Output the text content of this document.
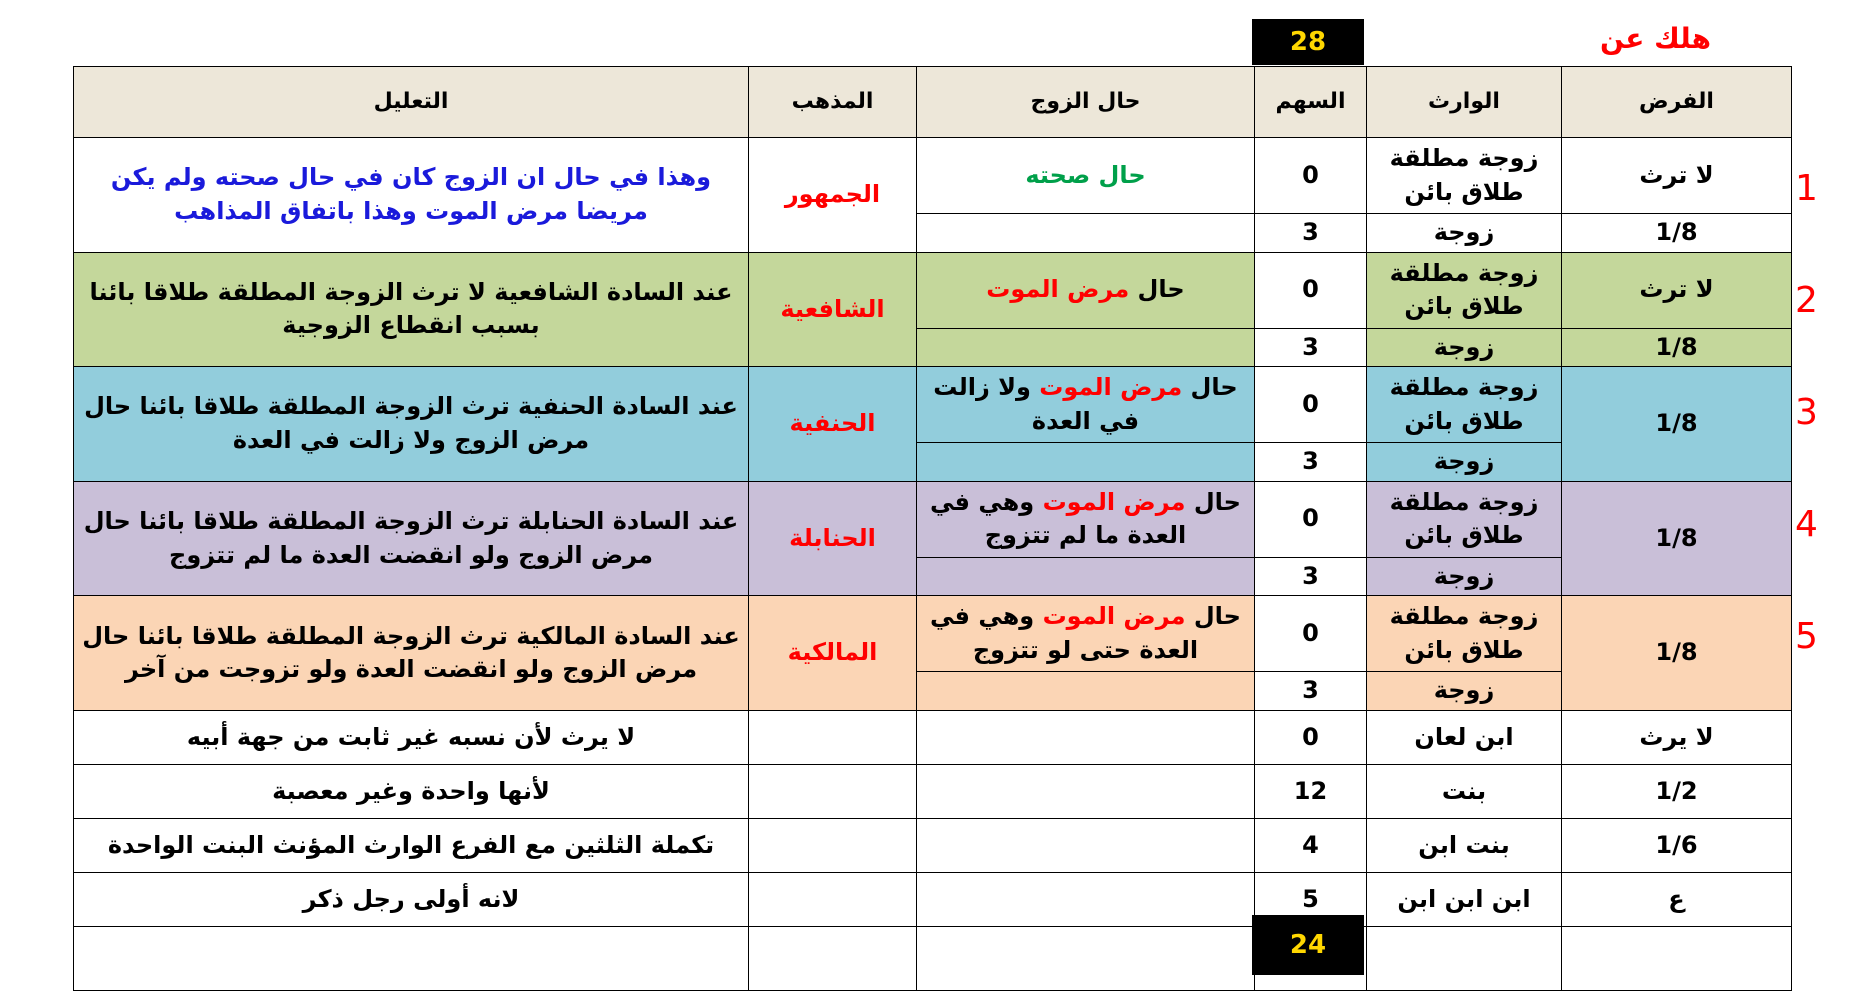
28	هلك عن
الفرض	الوارث	السهم	حال الزوج	المذهب	التعليل
لا ترث	زوجة مطلقة طلاق بائن	0	حال صحته	الجمهور	وهذا في حال ان الزوج كان في حال صحته ولم يكن مريضا مرض الموت وهذا باتفاق المذاهب
1/8	زوجة	3			
لا ترث	زوجة مطلقة طلاق بائن	0	حال مرض الموت	الشافعية	عند السادة الشافعية لا ترث الزوجة المطلقة طلاقا بائنا بسبب انقطاع الزوجية
1/8	زوجة	3			
1/8	زوجة مطلقة طلاق بائن	0	حال مرض الموت ولا زالت في العدة	الحنفية	عند السادة الحنفية ترث الزوجة المطلقة طلاقا بائنا حال مرض الزوج ولا زالت في العدة
	زوجة	3			
1/8	زوجة مطلقة طلاق بائن	0	حال مرض الموت وهي في العدة ما لم تتزوج	الحنابلة	عند السادة الحنابلة ترث الزوجة المطلقة طلاقا بائنا حال مرض الزوج ولو انقضت العدة ما لم تتزوج
	زوجة	3			
1/8	زوجة مطلقة طلاق بائن	0	حال مرض الموت وهي في العدة حتى لو تتزوج	المالكية	عند السادة المالكية ترث الزوجة المطلقة طلاقا بائنا حال مرض الزوج ولو انقضت العدة ولو تزوجت من آخر
	زوجة	3			
لا يرث	ابن لعان	0			لا يرث لأن نسبه غير ثابت من جهة أبيه
1/2	بنت	12			لأنها واحدة وغير معصبة
1/6	بنت ابن	4			تكملة الثلثين مع الفرع الوارث المؤنث البنت الواحدة
ع	ابن ابن ابن	5			لانه أولى رجل ذكر

24
1
2
3
4
5
